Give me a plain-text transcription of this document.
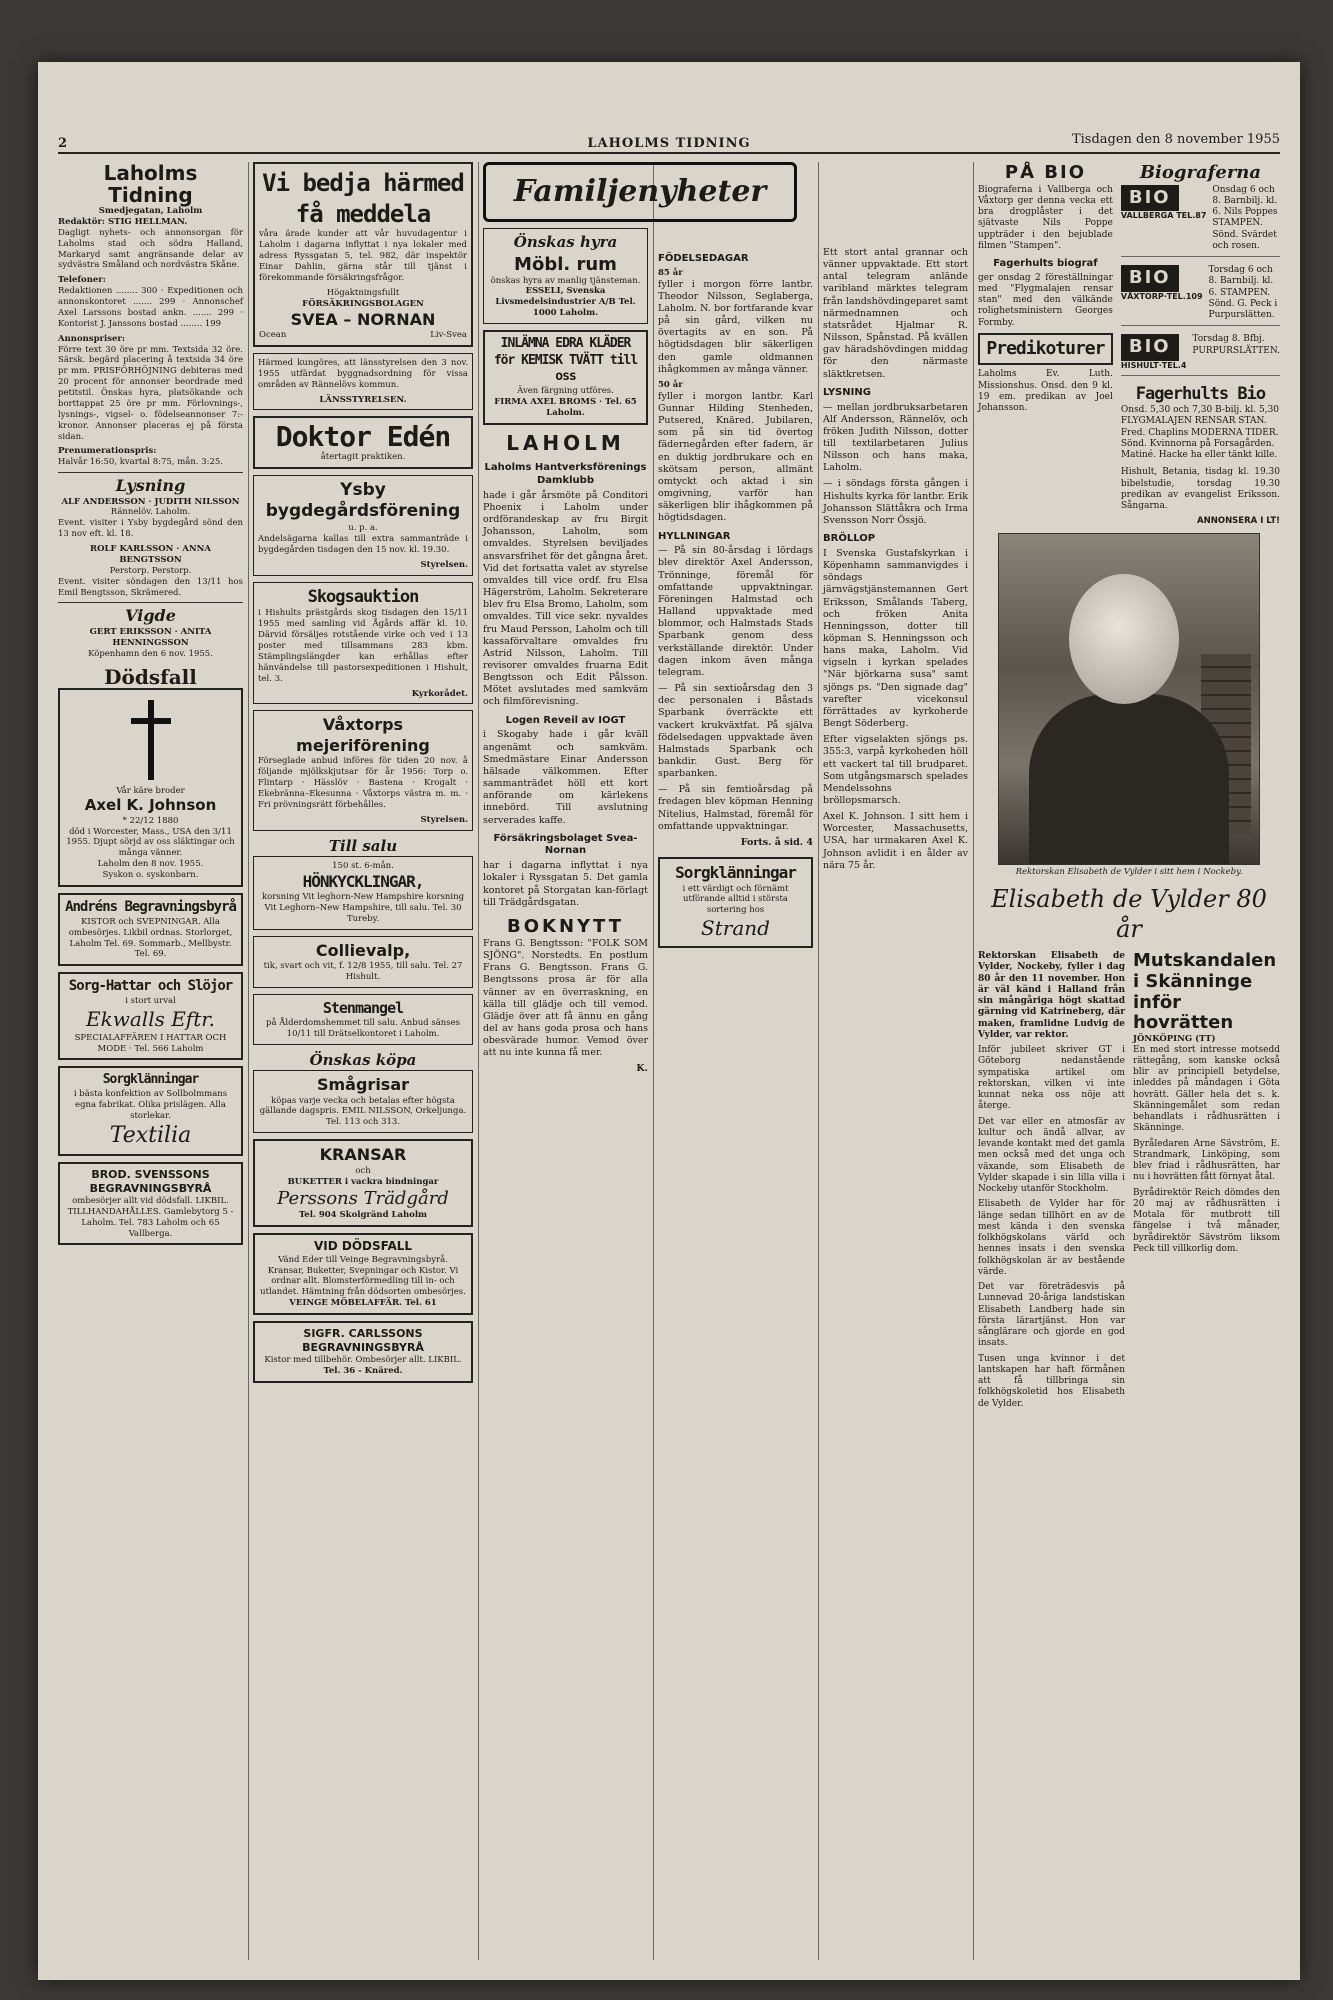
2	LAHOLMS TIDNING	Tisdagen den 8 november 1955
Laholms Tidning
Smedjegatan, Laholm
Redaktör: STIG HELLMAN.

Dagligt nyhets- och annonsorgan för Laholms stad och södra Halland, Markaryd samt angränsande delar av sydvästra Småland och nordvästra Skåne.

Telefoner:

Redaktionen ........ 300 · Expeditionen och annonskontoret ....... 299 · Annonschef Axel Larssons bostad ankn. ....... 299 · Kontorist J. Janssons bostad ........ 199

Annonspriser:

Förre text 30 öre pr mm. Textsida 32 öre. Särsk. begärd placering å textsida 34 öre pr mm. PRISFÖRHÖJNING debiteras med 20 procent för annonser beordrade med petitstil. Önskas hyra, platsökande och borttappat 25 öre pr mm. Förlovnings-, lysnings-, vigsel- o. födelseannonser 7:- kronor. Annonser placeras ej på första sidan.

Prenumerationspris:

Halvår 16:50, kvartal 8:75, mån. 3:25.

Lysning
ALF ANDERSSON · JUDITH NILSSON
Rännelöv. Laholm.

Event. visiter i Ysby bygdegård sönd den 13 nov eft. kl. 18.

ROLF KARLSSON · ANNA BENGTSSON
Perstorp. Perstorp.

Event. visiter söndagen den 13/11 hos Emil Bengtsson, Skrämered.

Vigde
GERT ERIKSSON · ANITA HENNINGSSON
Köpenhamn den 6 nov. 1955.
Dödsfall
Vår käre broder
Axel K. Johnson
* 22/12 1880
död i Worcester, Mass., USA den 3/11 1955. Djupt sörjd av oss släktingar och många vänner.
Laholm den 8 nov. 1955.
Syskon o. syskonbarn.
Andréns Begravningsbyrå
KISTOR och SVEPNINGAR. Alla ombesörjes. Likbil ordnas. Storlorget, Laholm Tel. 69. Sommarb., Mellbystr. Tel. 69.
Sorg-Hattar och Slöjor
i stort urval
Ekwalls Eftr.
SPECIALAFFÄREN I HATTAR OCH MODE · Tel. 566 Laholm
Sorgklänningar
i bästa konfektion av Sollbolmmans egna fabrikat. Olika prislägen. Alla storlekar.
Textilia
BROD. SVENSSONS BEGRAVNINGSBYRÅ
ombesörjer allt vid dödsfall. LIKBIL. TILLHANDAHÅLLES. Gamlebytorg 5 - Laholm. Tel. 783 Laholm och 65 Vallberga.
Vi bedja härmed få meddela

våra ärade kunder att vår huvudagentur i Laholm i dagarna inflyttat i nya lokaler med adress Ryssgatan 5, tel. 982, där inspektör Einar Dahlin, gärna står till tjänst i förekommande försäkringsfrågor.

Högaktningsfullt
FÖRSÄKRINGSBOLAGEN
SVEA – NORNAN
Ocean	Liv-Svea

Härmed kungöres, att länsstyrelsen den 3 nov. 1955 utfärdat byggnadsordning för vissa områden av Rännelövs kommun.

LÄNSSTYRELSEN.
Doktor Edén
återtagit praktiken.
Ysby bygdegårdsförening
u. p. a.

Andelsägarna kallas till extra sammanträde i bygdegården tisdagen den 15 nov. kl. 19.30.

Styrelsen.
Skogsauktion

i Hishults prästgårds skog tisdagen den 15/11 1955 med samling vid Ågårds affär kl. 10. Därvid försäljes rotstående virke och ved i 13 poster med tillsammans 283 kbm. Stämplingslängder kan erhållas efter hänvändelse till pastorsexpeditionen i Hishult, tel. 3.

Kyrkorådet.
Våxtorps mejeriförening

Förseglade anbud införes för tiden 20 nov. å följande mjölkskjutsar för år 1956: Torp o. Flintarp · Hässlöv · Bastena · Krogalt · Ekebränna–Ekesunna · Våxtorps västra m. m. · Fri prövningsrätt förbehålles.

Styrelsen.
Till salu
150 st. 6-mån.
HÖNKYCKLINGAR,
korsning Vit leghorn-New Hampshire korsning Vit Leghorn–New Hampshire, till salu. Tel. 30 Tureby.
Collievalp,
tik, svart och vit, f. 12/8 1955, till salu. Tel. 27 Hishult.
Stenmangel
på Ålderdomshemmet till salu. Anbud sänses 10/11 till Drätselkontoret i Laholm.
Önskas köpa
Smågrisar
köpas varje vecka och betalas efter högsta gällande dagspris. EMIL NILSSON, Orkeljunga. Tel. 113 och 313.
KRANSAR
och
BUKETTER i vackra bindningar
Perssons Trädgård
Tel. 904 Skolgränd Laholm
VID DÖDSFALL
Vänd Eder till Veinge Begravningsbyrå. Kransar, Buketter, Svepningar och Kistor. Vi ordnar allt. Blomsterförmedling till in- och utlandet. Hämtning från dödsorten ombesörjes.
VEINGE MÖBELAFFÄR. Tel. 61
SIGFR. CARLSSONS BEGRAVNINGSBYRÅ
Kistor med tillbehör. Ombesörjer allt. LIKBIL.
Tel. 36 - Knäred.
Familjenyheter
Önskas hyra
Möbl. rum
önskas hyra av manlig tjänsteman.
ESSELI, Svenska Livsmedelsindustrier A/B Tel. 1000 Laholm.
INLÄMNA EDRA KLÄDER för KEMISK TVÄTT till oss
Även färgning utföres.
FIRMA AXEL BROMS · Tel. 65 Laholm.
LAHOLM
Laholms Hantverksförenings Damklubb

hade i går årsmöte på Conditori Phoenix i Laholm under ordförandeskap av fru Birgit Johansson, Laholm, som omvaldes. Styrelsen beviljades ansvarsfrihet för det gångna året. Vid det fortsatta valet av styrelse omvaldes till vice ordf. fru Elsa Hägerström, Laholm. Sekreterare blev fru Elsa Bromo, Laholm, som omvaldes. Till vice sekr. nyvaldes fru Maud Persson, Laholm och till kassaförvaltare omvaldes fru Astrid Nilsson, Laholm. Till revisorer omvaldes fruarna Edit Bengtsson och Edit Pålsson. Mötet avslutades med samkväm och filmförevisning.

Logen Reveil av IOGT

i Skogaby hade i går kväll angenämt och samkväm. Smedmästare Einar Andersson hälsade välkommen. Efter sammanträdet höll ett kort anförande om kärlekens innebörd. Till avslutning serverades kaffe.

Försäkringsbolaget Svea-Nornan

har i dagarna inflyttat i nya lokaler i Ryssgatan 5. Det gamla kontoret på Storgatan kan-förlagt till Trädgårdsgatan.

BOKNYTT

Frans G. Bengtsson: "FOLK SOM SJÖNG". Norstedts. En postlum Frans G. Bengtsson. Frans G. Bengtssons prosa är för alla vänner av en överraskning, en källa till glädje och till vemod. Glädje över att få ännu en gång del av hans goda prosa och hans obesvärade humor. Vemod över att nu inte kunna få mer.

K.
FÖDELSEDAGAR
85 år

fyller i morgon förre lantbr. Theodor Nilsson, Seglaberga, Laholm. N. bor fortfarande kvar på sin gård, vilken nu övertagits av en son. På högtidsdagen blir säkerligen den gamle oldmannen ihågkommen av många vänner.

50 år

fyller i morgon lantbr. Karl Gunnar Hilding Stenheden, Putsered, Knäred. Jubilaren, som på sin tid övertog fädernegården efter fadern, är en duktig jordbrukare och en skötsam person, allmänt omtyckt och aktad i sin omgivning, varför han säkerligen blir ihågkommen på högtidsdagen.

HYLLNINGAR

— På sin 80-årsdag i lördags blev direktör Axel Andersson, Trönninge, föremål för omfattande uppvaktningar. Föreningen Halmstad och Halland uppvaktade med blommor, och Halmstads Stads Sparbank genom dess verkställande direktör. Under dagen inkom även många telegram.

— På sin sextioårsdag den 3 dec personalen i Båstads Sparbank överräckte ett vackert krukväxtfat. På själva födelsedagen uppvaktade även Halmstads Sparbank och bankdir. Gust. Berg för sparbanken.

— På sin femtioårsdag på fredagen blev köpman Henning Nitelius, Halmstad, föremål för omfattande uppvaktningar.

Forts. å sid. 4
Sorgklänningar
i ett värdigt och förnämt utförande alltid i största sortering hos
Strand

Ett stort antal grannar och vänner uppvaktade. Ett stort antal telegram anlände varibland märktes telegram från landshövdingeparet samt närmednamnen och statsrådet Hjalmar R. Nilsson, Spånstad. På kvällen gav häradshövdingen middag för den närmaste släktkretsen.

LYSNING

— mellan jordbruksarbetaren Alf Andersson, Rännelöv, och fröken Judith Nilsson, dotter till textilarbetaren Julius Nilsson och hans maka, Laholm.

— i söndags första gången i Hishults kyrka för lantbr. Erik Johansson Slättåkra och Irma Svensson Norr Össjö.

BRÖLLOP

I Svenska Gustafskyrkan i Köpenhamn sammanvigdes i söndags järnvägstjänstemannen Gert Eriksson, Smålands Taberg, och fröken Anita Henningsson, dotter till köpman S. Henningsson och hans maka, Laholm. Vid vigseln i kyrkan spelades "När björkarna susa" samt sjöngs ps. "Den signade dag" varefter vicekonsul förrättades av kyrkoherde Bengt Söderberg.

Efter vigselakten sjöngs ps. 355:3, varpå kyrkoheden höll ett vackert tal till brudparet. Som utgångsmarsch spelades Mendelssohns bröllopsmarsch.

Axel K. Johnson. I sitt hem i Worcester, Massachusetts, USA, har urmakaren Axel K. Johnson avlidit i en ålder av nära 75 år.

PÅ BIO

Biograferna i Vallberga och Våxtorp ger denna vecka ett bra drogplåster i det sjätvaste Nils Poppe uppträder i den bejublade filmen "Stampen".

Fagerhults biograf

ger onsdag 2 föreställningar med "Flygmalajen rensar stan" med den välkände rolighetsministern Georges Formby.

Predikoturer

Laholms Ev. Luth. Missionshus. Onsd. den 9 kl. 19 em. predikan av Joel Johansson.

Biograferna
BIO
VALLBERGA TEL.87
Onsdag 6 och 8. Barnbilj. kl. 6. Nils Poppes STAMPEN. Sönd. Svärdet och rosen.
BIO
VÅXTORP·TEL.109
Torsdag 6 och 8. Barnbilj. kl. 6. STAMPEN. Sönd. G. Peck i Purpurslätten.
BIO
HISHULT·TEL.4
Torsdag 8. Bfbj. PURPURSLÄTTEN.
Fagerhults Bio
Onsd. 5,30 och 7,30 B-bilj. kl. 5,30 FLYGMALAJEN RENSAR STAN. Fred. Chaplins MODERNA TIDER. Sönd. Kvinnorna på Forsagården. Matiné. Hacke ha eller tänkt kille.

Hishult, Betania, tisdag kl. 19.30 bibelstudie, torsdag 19.30 predikan av evangelist Eriksson. Sångarna.

ANNONSERA I LT!
Rektorskan Elisabeth de Vylder i sitt hem i Nockeby.
Elisabeth de Vylder 80 år

Rektorskan Elisabeth de Vylder, Nockeby, fyller i dag 80 år den 11 november. Hon är väl känd i Halland från sin mångåriga högt skattad gärning vid Katrineberg, där maken, framlidne Ludvig de Vylder, var rektor.

Inför jubileet skriver GT i Göteborg nedanstående sympatiska artikel om rektorskan, vilken vi inte kunnat neka oss nöje att återge.

Det var eller en atmosfär av kultur och ändå allvar, av levande kontakt med det gamla men också med det unga och växande, som Elisabeth de Vylder skapade i sin lilla villa i Nockeby utanför Stockholm.

Elisabeth de Vylder har för länge sedan tillhört en av de mest kända i den svenska folkhögskolans värld och hennes insats i den svenska folkhögskolan är av bestående värde.

Det var företrädesvis på Lunnevad 20-åriga landstiskan Elisabeth Landberg hade sin första lärartjänst. Hon var sånglärare och gjorde en god insats.

Tusen unga kvinnor i det lantskapen har haft förmånen att få tillbringa sin folkhögskoletid hos Elisabeth de Vylder.

Mutskandalen i Skänninge inför hovrätten
JÖNKÖPING (TT)

En med stort intresse motsedd rättegång, som kanske också blir av principiell betydelse, inleddes på måndagen i Göta hovrätt. Gäller hela det s. k. Skänningemålet som redan behandlats i rådhusrätten i Skänninge.

Byråledaren Arne Sävström, E. Strandmark, Linköping, som blev friad i rådhusrätten, har nu i hovrätten fått förnyat åtal.

Byrådirektör Reich dömdes den 20 maj av rådhusrätten i Motala för mutbrott till fängelse i två månader, byrådirektör Sävström liksom Peck till villkorlig dom.
